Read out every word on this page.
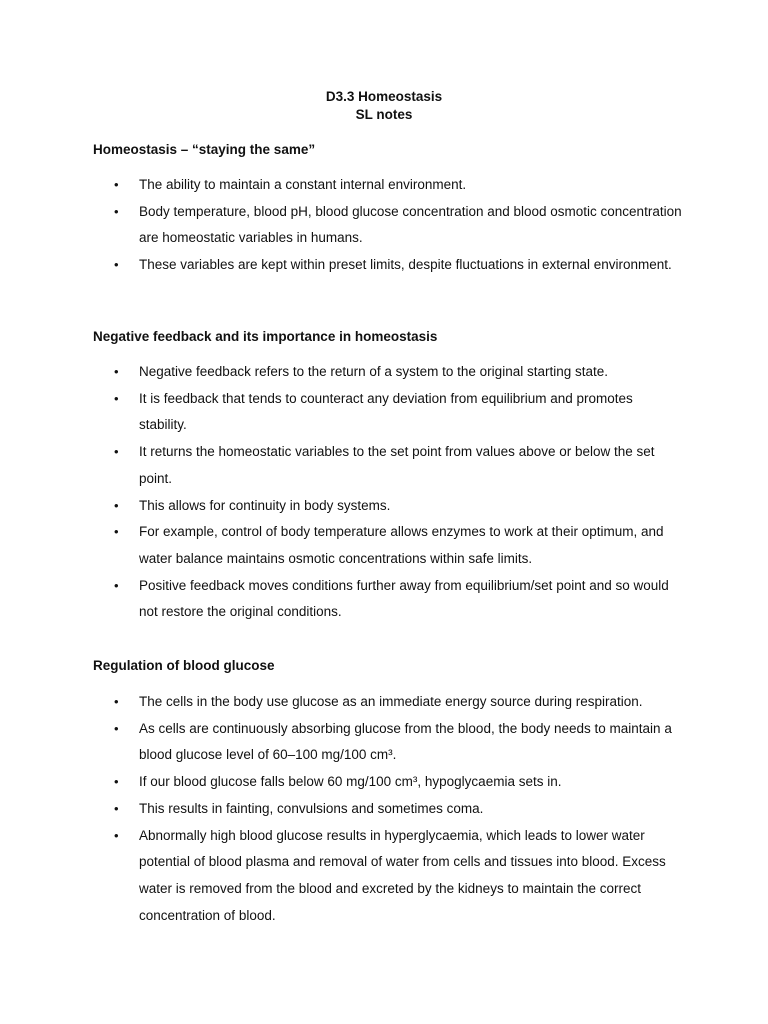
D3.3 Homeostasis
SL notes
Homeostasis – “staying the same”
• The ability to maintain a constant internal environment.
• Body temperature, blood pH, blood glucose concentration and blood osmotic concentration are homeostatic variables in humans.
• These variables are kept within preset limits, despite fluctuations in external environment.
Negative feedback and its importance in homeostasis
• Negative feedback refers to the return of a system to the original starting state.
• It is feedback that tends to counteract any deviation from equilibrium and promotes stability.
• It returns the homeostatic variables to the set point from values above or below the set point.
• This allows for continuity in body systems.
• For example, control of body temperature allows enzymes to work at their optimum, and water balance maintains osmotic concentrations within safe limits.
• Positive feedback moves conditions further away from equilibrium/set point and so would not restore the original conditions.
Regulation of blood glucose
• The cells in the body use glucose as an immediate energy source during respiration.
• As cells are continuously absorbing glucose from the blood, the body needs to maintain a blood glucose level of 60–100 mg/100 cm³.
• If our blood glucose falls below 60 mg/100 cm³, hypoglycaemia sets in.
• This results in fainting, convulsions and sometimes coma.
• Abnormally high blood glucose results in hyperglycaemia, which leads to lower water potential of blood plasma and removal of water from cells and tissues into blood. Excess water is removed from the blood and excreted by the kidneys to maintain the correct concentration of blood.
